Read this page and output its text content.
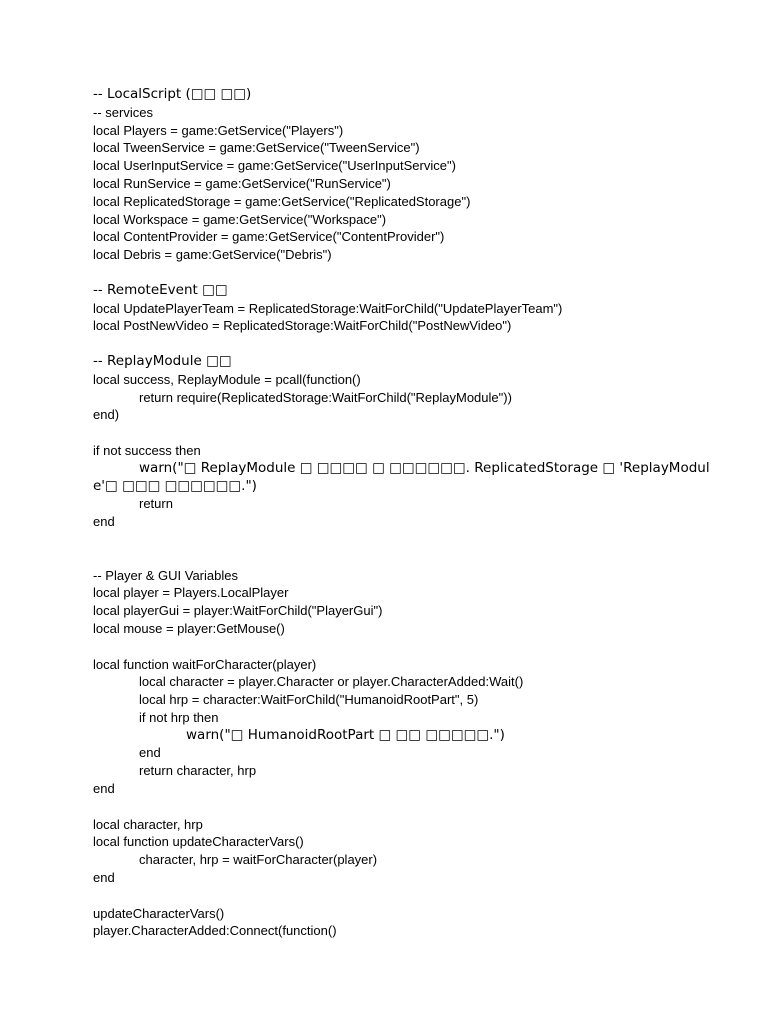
-- LocalScript (□□ □□)
-- services
local Players = game:GetService("Players")
local TweenService = game:GetService("TweenService")
local UserInputService = game:GetService("UserInputService")
local RunService = game:GetService("RunService")
local ReplicatedStorage = game:GetService("ReplicatedStorage")
local Workspace = game:GetService("Workspace")
local ContentProvider = game:GetService("ContentProvider")
local Debris = game:GetService("Debris")
-- RemoteEvent □□
local UpdatePlayerTeam = ReplicatedStorage:WaitForChild("UpdatePlayerTeam")
local PostNewVideo = ReplicatedStorage:WaitForChild("PostNewVideo")
-- ReplayModule □□
local success, ReplayModule = pcall(function()
return require(ReplicatedStorage:WaitForChild("ReplayModule"))
end)
if not success then
warn("□ ReplayModule □ □□□□ □ □□□□□□. ReplicatedStorage □ 'ReplayModul
e'□ □□□ □□□□□□.")
return
end
-- Player & GUI Variables
local player = Players.LocalPlayer
local playerGui = player:WaitForChild("PlayerGui")
local mouse = player:GetMouse()
local function waitForCharacter(player)
local character = player.Character or player.CharacterAdded:Wait()
local hrp = character:WaitForChild("HumanoidRootPart", 5)
if not hrp then
warn("□ HumanoidRootPart □ □□ □□□□□.")
end
return character, hrp
end
local character, hrp
local function updateCharacterVars()
character, hrp = waitForCharacter(player)
end
updateCharacterVars()
player.CharacterAdded:Connect(function()
